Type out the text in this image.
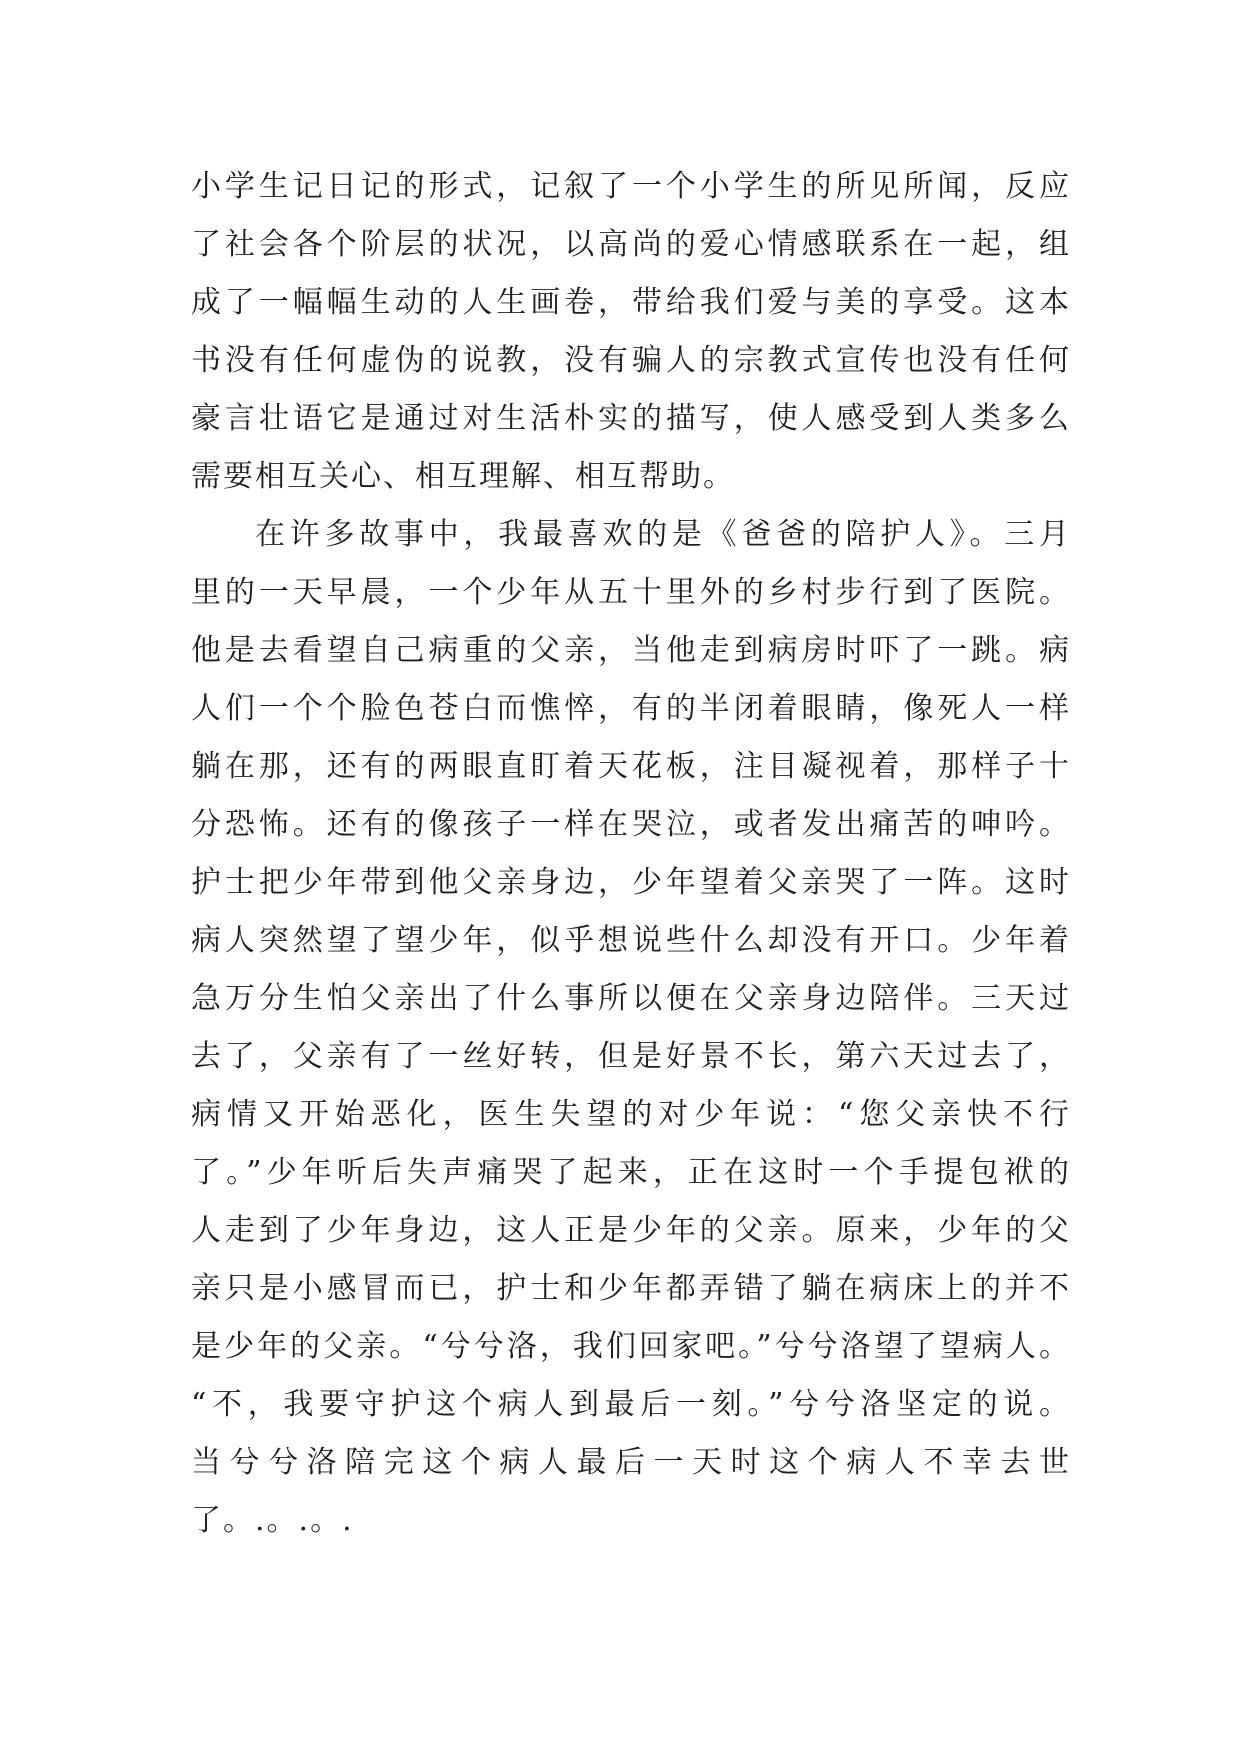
小学生记日记的形式，记叙了一个小学生的所见所闻，反应
了社会各个阶层的状况，以高尚的爱心情感联系在一起，组
成了一幅幅生动的人生画卷，带给我们爱与美的享受。这本
书没有任何虚伪的说教，没有骗人的宗教式宣传也没有任何
豪言壮语它是通过对生活朴实的描写，使人感受到人类多么
需要相互关心、相互理解、相互帮助。
在许多故事中，我最喜欢的是《爸爸的陪护人》。三月
里的一天早晨，一个少年从五十里外的乡村步行到了医院。
他是去看望自己病重的父亲，当他走到病房时吓了一跳。病
人们一个个脸色苍白而憔悴，有的半闭着眼睛，像死人一样
躺在那，还有的两眼直盯着天花板，注目凝视着，那样子十
分恐怖。还有的像孩子一样在哭泣，或者发出痛苦的呻吟。
护士把少年带到他父亲身边，少年望着父亲哭了一阵。这时
病人突然望了望少年，似乎想说些什么却没有开口。少年着
急万分生怕父亲出了什么事所以便在父亲身边陪伴。三天过
去了，父亲有了一丝好转，但是好景不长，第六天过去了，
病情又开始恶化，医生失望的对少年说：“您父亲快不行
了。”少年听后失声痛哭了起来，正在这时一个手提包袱的
人走到了少年身边，这人正是少年的父亲。原来，少年的父
亲只是小感冒而已，护士和少年都弄错了躺在病床上的并不
是少年的父亲。“兮兮洛，我们回家吧。”兮兮洛望了望病人。
“不，我要守护这个病人到最后一刻。”兮兮洛坚定的说。
当兮兮洛陪完这个病人最后一天时这个病人不幸去世
了。.。.。.
